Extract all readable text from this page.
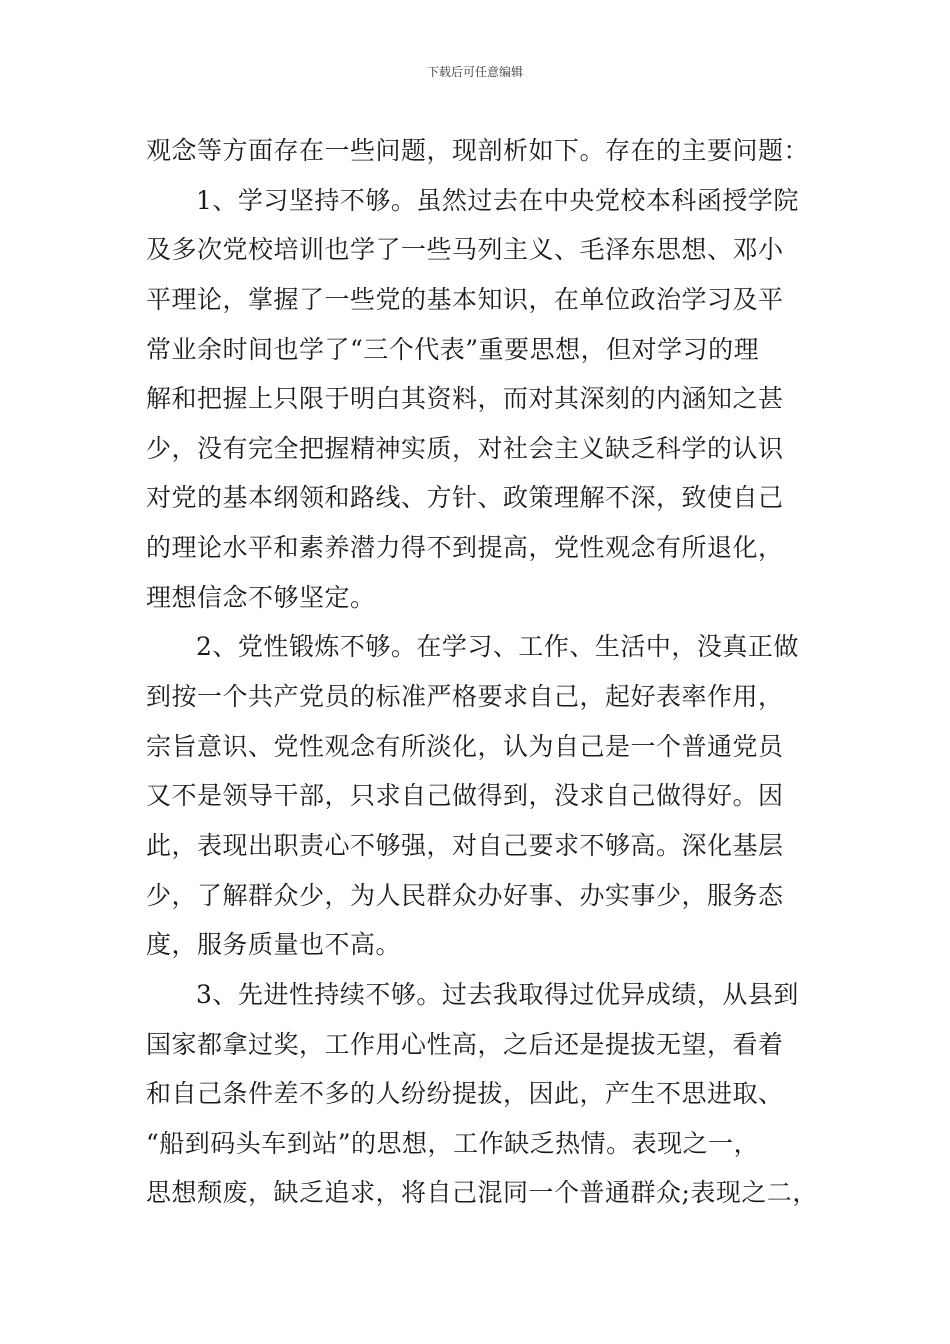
下载后可任意编辑
观念等方面存在一些问题，现剖析如下。存在的主要问题：
1、学习坚持不够。虽然过去在中央党校本科函授学院
及多次党校培训也学了一些马列主义、毛泽东思想、邓小
平理论，掌握了一些党的基本知识，在单位政治学习及平
常业余时间也学了“三个代表”重要思想，但对学习的理
解和把握上只限于明白其资料，而对其深刻的内涵知之甚
少，没有完全把握精神实质，对社会主义缺乏科学的认识
对党的基本纲领和路线、方针、政策理解不深，致使自己
的理论水平和素养潜力得不到提高，党性观念有所退化，
理想信念不够坚定。
2、党性锻炼不够。在学习、工作、生活中，没真正做
到按一个共产党员的标准严格要求自己，起好表率作用，
宗旨意识、党性观念有所淡化，认为自己是一个普通党员
又不是领导干部，只求自己做得到，没求自己做得好。因
此，表现出职责心不够强，对自己要求不够高。深化基层
少，了解群众少，为人民群众办好事、办实事少，服务态
度，服务质量也不高。
3、先进性持续不够。过去我取得过优异成绩，从县到
国家都拿过奖，工作用心性高，之后还是提拔无望，看着
和自己条件差不多的人纷纷提拔，因此，产生不思进取、
“船到码头车到站”的思想，工作缺乏热情。表现之一，
思想颓废，缺乏追求，将自己混同一个普通群众;表现之二，
